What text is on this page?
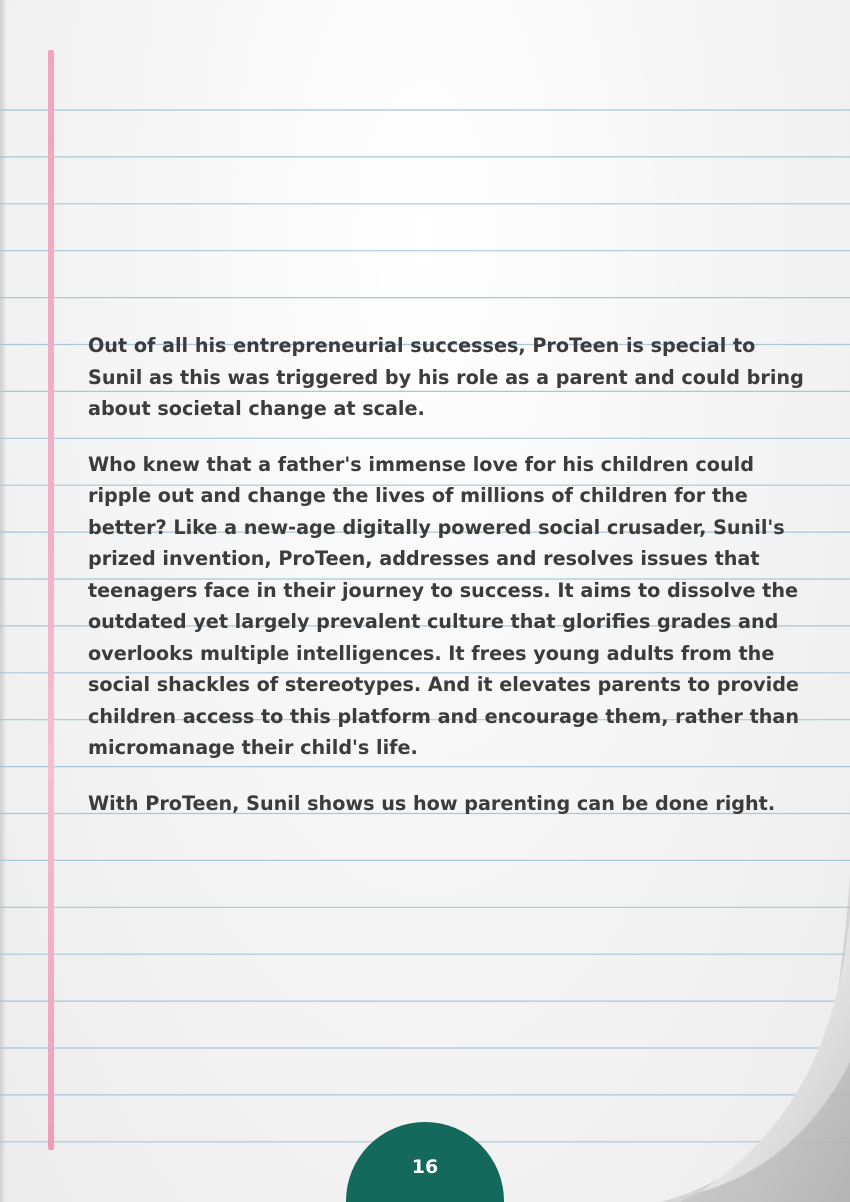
Out of all his entrepreneurial successes, ProTeen is special to Sunil as this was triggered by his role as a parent and could bring about societal change at scale.

Who knew that a father's immense love for his children could ripple out and change the lives of millions of children for the better? Like a new-age digitally powered social crusader, Sunil's prized invention, ProTeen, addresses and resolves issues that teenagers face in their journey to success. It aims to dissolve the outdated yet largely prevalent culture that glorifies grades and overlooks multiple intelligences. It frees young adults from the social shackles of stereotypes. And it elevates parents to provide children access to this platform and encourage them, rather than micromanage their child's life.

With ProTeen, Sunil shows us how parenting can be done right.

16
